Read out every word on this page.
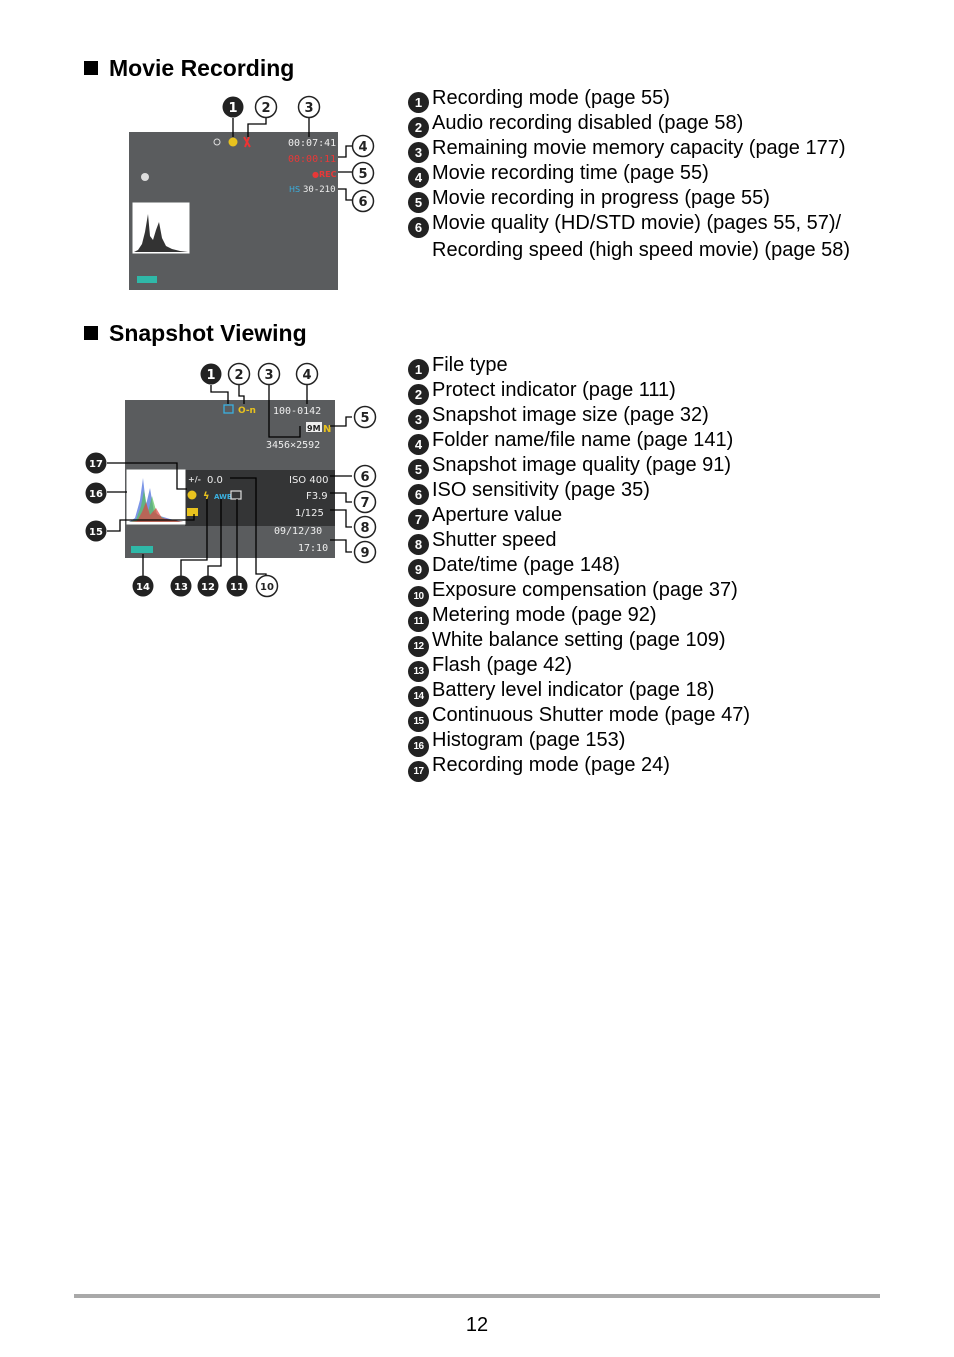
Movie Recording
00:07:41
00:00:11
●REC
HS 30-210
1 2	3
4
5
6
1 Recording mode (page 55)
2 Audio recording disabled (page 58)
3 Remaining movie memory capacity (page 177)
4 Movie recording time (page 55)
5 Movie recording in progress (page 55)
6 Movie quality (HD/STD movie) (pages 55, 57)/
Recording speed (high speed movie) (page 58)
Snapshot Viewing
O-n 100-0142
9M N
3456×2592
+/- 0.0	ISO 400
ϟ AWB	F3.9
1/125
09/12/30
17:10
1 2 3 4
5
6
7
8
9
10
11
12
13
14
15
16
17
1 File type
2 Protect indicator (page 111)
3 Snapshot image size (page 32)
4 Folder name/file name (page 141)
5 Snapshot image quality (page 91)
6 ISO sensitivity (page 35)
7 Aperture value
8 Shutter speed
9 Date/time (page 148)
10 Exposure compensation (page 37)
11 Metering mode (page 92)
12 White balance setting (page 109)
13 Flash (page 42)
14 Battery level indicator (page 18)
15 Continuous Shutter mode (page 47)
16 Histogram (page 153)
17 Recording mode (page 24)
12
